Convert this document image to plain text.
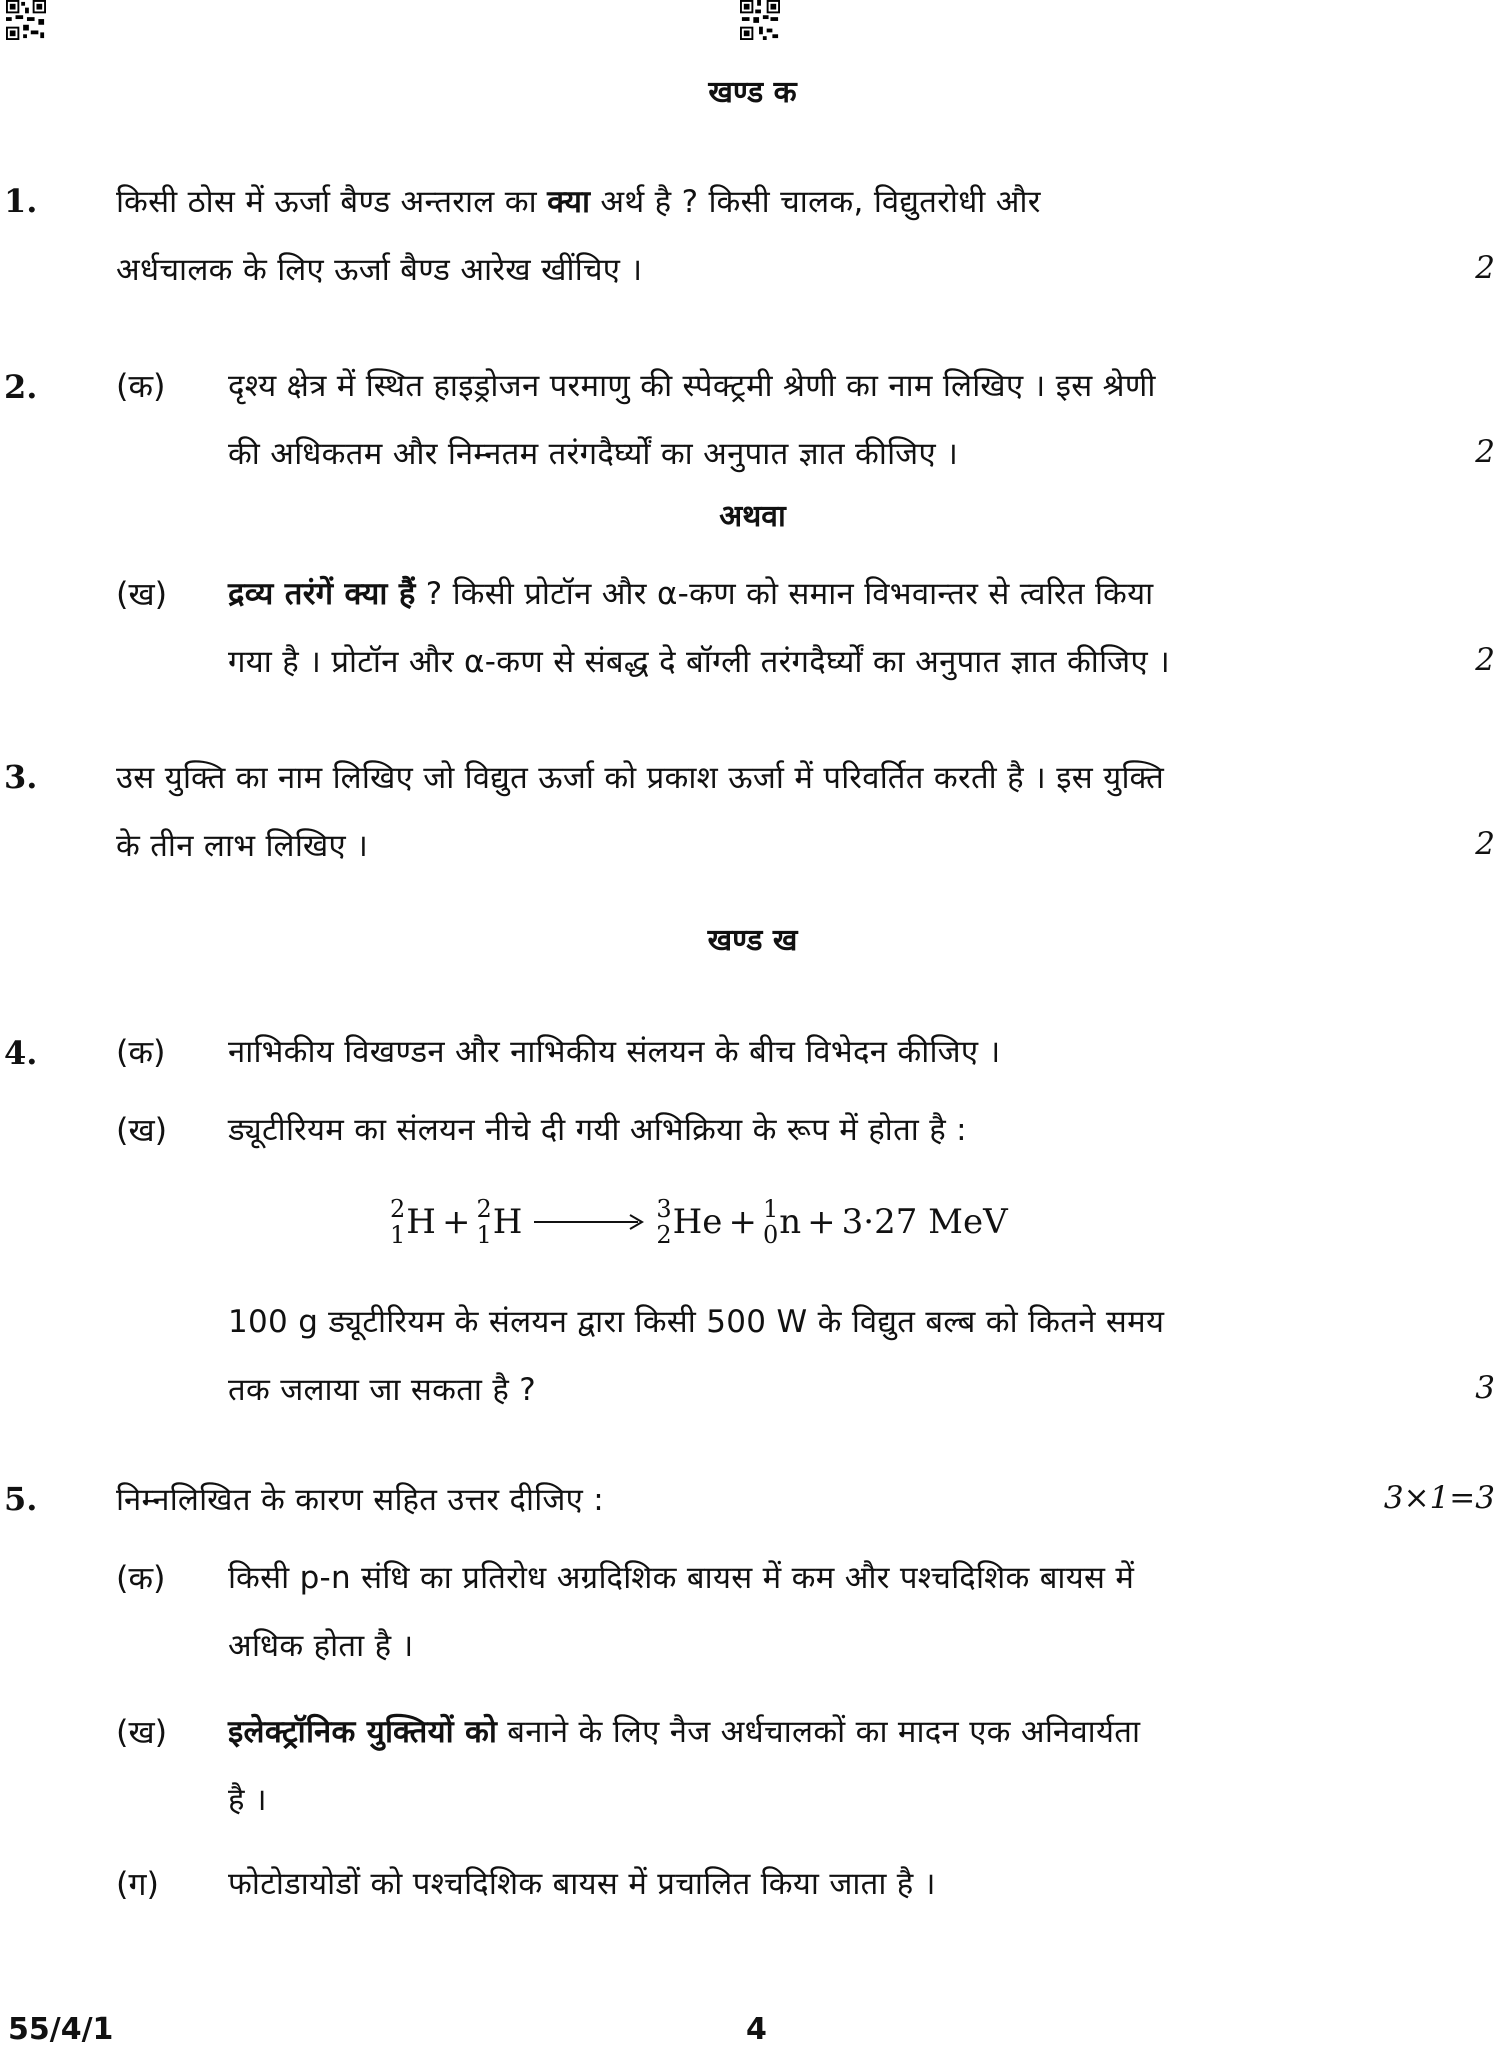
खण्ड क
1.	किसी ठोस में ऊर्जा बैण्ड अन्तराल का क्या अर्थ है ? किसी चालक, विद्युतरोधी और
अर्धचालक के लिए ऊर्जा बैण्ड आरेख खींचिए ।	2
2. (क) दृश्य क्षेत्र में स्थित हाइड्रोजन परमाणु की स्पेक्ट्रमी श्रेणी का नाम लिखिए । इस श्रेणी
की अधिकतम और निम्नतम तरंगदैर्घ्यों का अनुपात ज्ञात कीजिए ।	2
अथवा
(ख) द्रव्य तरंगें क्या हैं ? किसी प्रोटॉन और α-कण को समान विभवान्तर से त्वरित किया
गया है । प्रोटॉन और α-कण से संबद्ध दे बॉग्ली तरंगदैर्घ्यों का अनुपात ज्ञात कीजिए ।	2
3.	उस युक्ति का नाम लिखिए जो विद्युत ऊर्जा को प्रकाश ऊर्जा में परिवर्तित करती है । इस युक्ति
के तीन लाभ लिखिए ।	2
खण्ड ख
4. (क) नाभिकीय विखण्डन और नाभिकीय संलयन के बीच विभेदन कीजिए ।
(ख) ड्यूटीरियम का संलयन नीचे दी गयी अभिक्रिया के रूप में होता है :
2
1 H + 2
1 H → 3
2 He + 1
0 n + 3·27 MeV
100 g ड्यूटीरियम के संलयन द्वारा किसी 500 W के विद्युत बल्ब को कितने समय
तक जलाया जा सकता है ?	3
5.	निम्नलिखित के कारण सहित उत्तर दीजिए :	3×1=3
(क) किसी p-n संधि का प्रतिरोध अग्रदिशिक बायस में कम और पश्चदिशिक बायस में
अधिक होता है ।
(ख) इलेक्ट्रॉनिक युक्तियों को बनाने के लिए नैज अर्धचालकों का मादन एक अनिवार्यता
है ।
(ग) फोटोडायोडों को पश्चदिशिक बायस में प्रचालित किया जाता है ।
55/4/1	4
